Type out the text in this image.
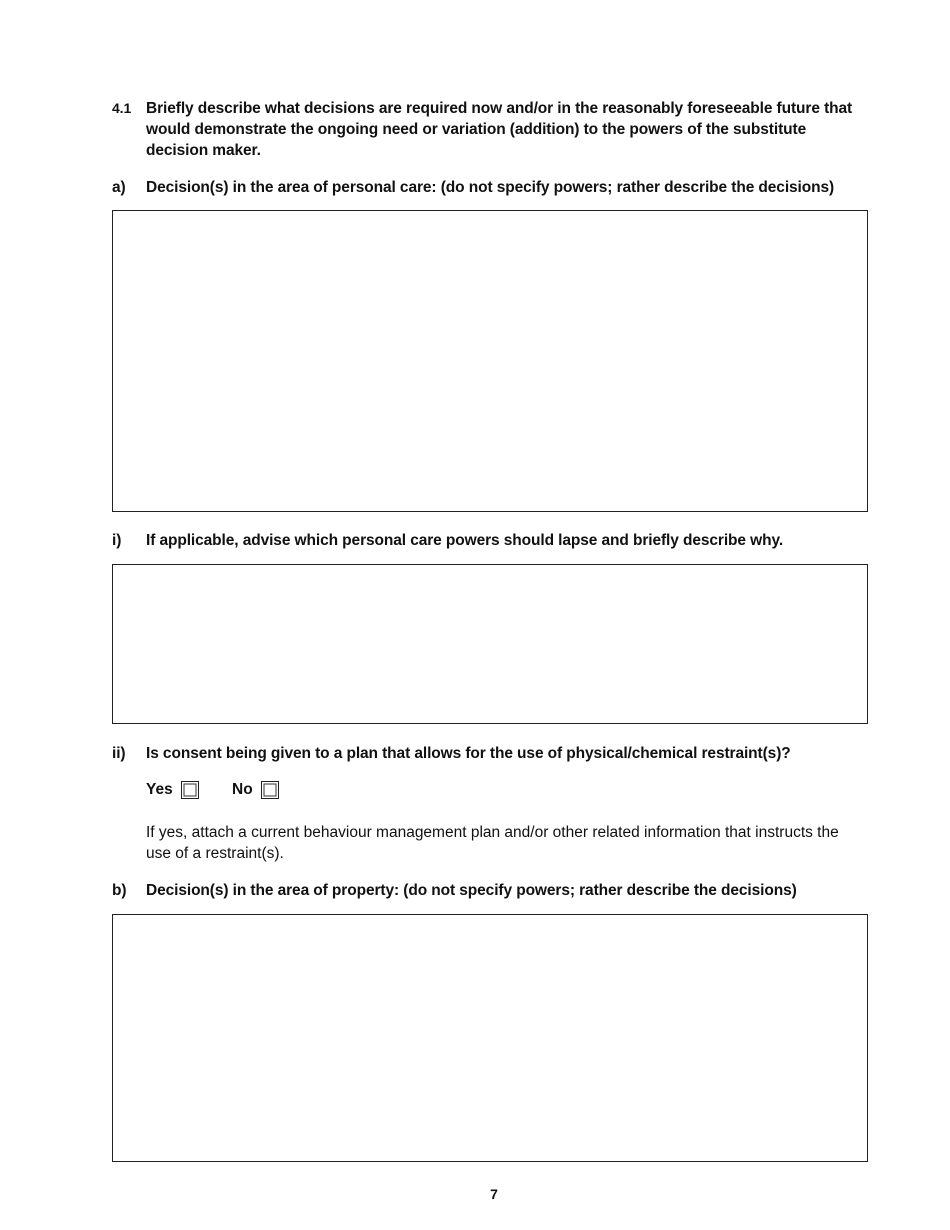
4.1 Briefly describe what decisions are required now and/or in the reasonably foreseeable future that would demonstrate the ongoing need or variation (addition) to the powers of the substitute decision maker.
a) Decision(s) in the area of personal care: (do not specify powers; rather describe the decisions)
i) If applicable, advise which personal care powers should lapse and briefly describe why.
ii) Is consent being given to a plan that allows for the use of physical/chemical restraint(s)?
Yes	No
If yes, attach a current behaviour management plan and/or other related information that instructs the use of a restraint(s).
b) Decision(s) in the area of property: (do not specify powers; rather describe the decisions)
7
